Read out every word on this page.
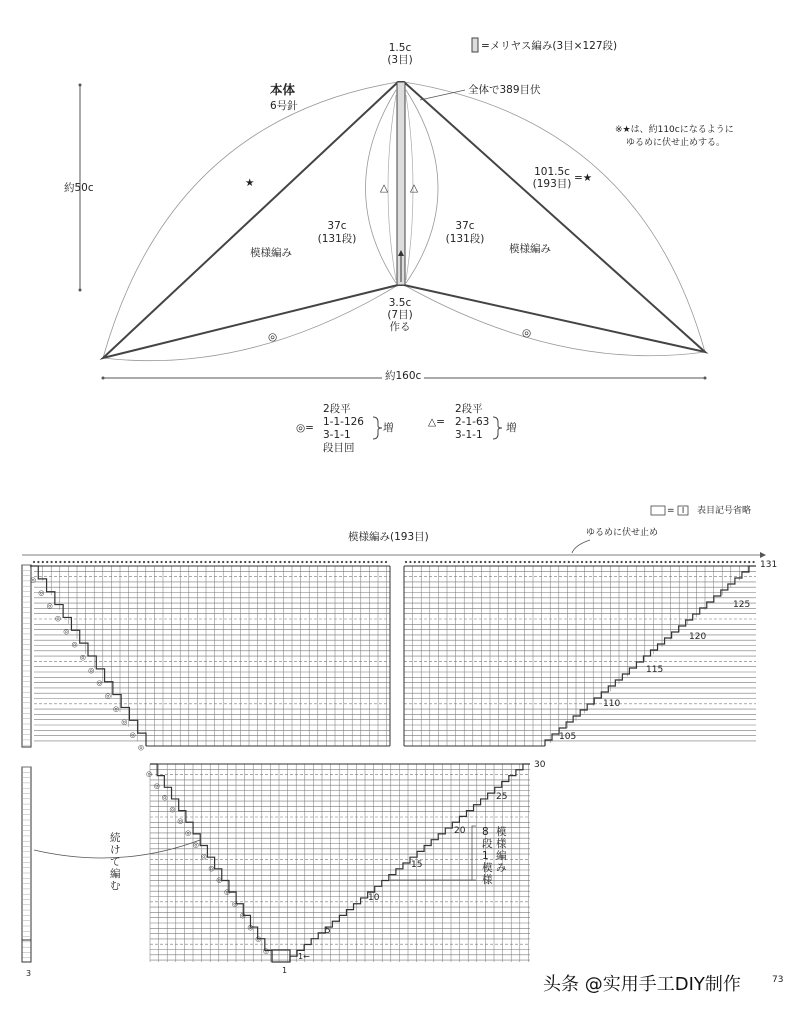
本体
6号針
1.5c
(3目)
=メリヤス編み(3目×127段)
全体で389目伏
※★は、約110cになるように
ゆるめに伏せ止めする。
約50c	★
101.5c
(193目) =★
△ △
37c
(131段)
37c
(131段)
模様編み	模様編み
3.5c
(7目)
作る
◎	◎
約160c
◎=
2段平
1-1-126
3-1-1
段目回
増	△=
2段平
2-1-63
3-1-1
増
◎
◎
◎
◎
◎
◎
◎
◎
◎
◎
◎
◎
◎
◎
◎
◎
◎
◎
◎
◎
◎
◎
◎
◎
◎
◎
◎
◎
◎
◎
= I	表目記号省略
模様編み(193目)	ゆるめに伏せ止め
131
125
120
115
110
105
30
25
20
15
10
5
1
1←
3
続けて編む
8段1模様
模様編み
头条 @实用手工DIY制作	73
